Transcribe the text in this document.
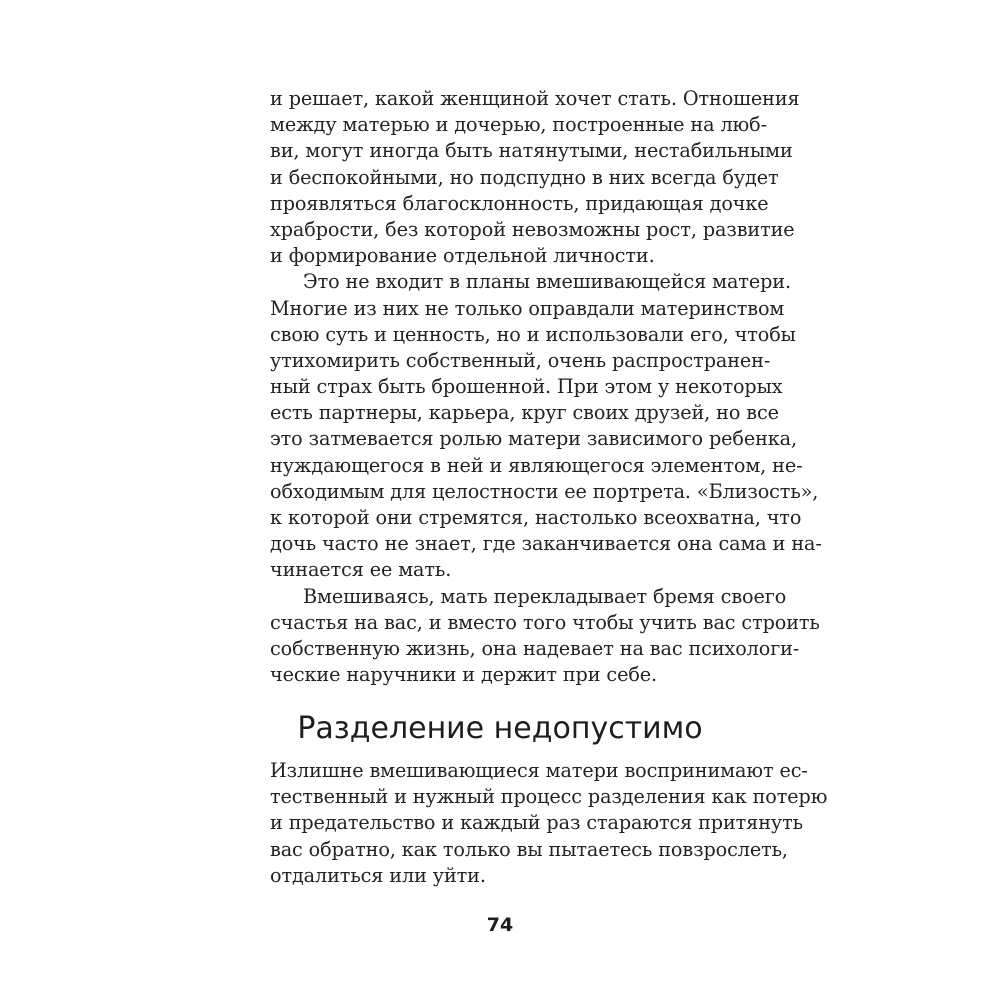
и решает, какой женщиной хочет стать. Отношения
между матерью и дочерью, построенные на люб-
ви, могут иногда быть натянутыми, нестабильными
и беспокойными, но подспудно в них всегда будет
проявляться благосклонность, придающая дочке
храбрости, без которой невозможны рост, развитие
и формирование отдельной личности.
Это не входит в планы вмешивающейся матери.
Многие из них не только оправдали материнством
свою суть и ценность, но и использовали его, чтобы
утихомирить собственный, очень распространен-
ный страх быть брошенной. При этом у некоторых
есть партнеры, карьера, круг своих друзей, но все
это затмевается ролью матери зависимого ребенка,
нуждающегося в ней и являющегося элементом, не-
обходимым для целостности ее портрета. «Близость»,
к которой они стремятся, настолько всеохватна, что
дочь часто не знает, где заканчивается она сама и на-
чинается ее мать.
Вмешиваясь, мать перекладывает бремя своего
счастья на вас, и вместо того чтобы учить вас строить
собственную жизнь, она надевает на вас психологи-
ческие наручники и держит при себе.
Разделение недопустимо
Излишне вмешивающиеся матери воспринимают ес-
тественный и нужный процесс разделения как потерю
и предательство и каждый раз стараются притянуть
вас обратно, как только вы пытаетесь повзрослеть,
отдалиться или уйти.
74
